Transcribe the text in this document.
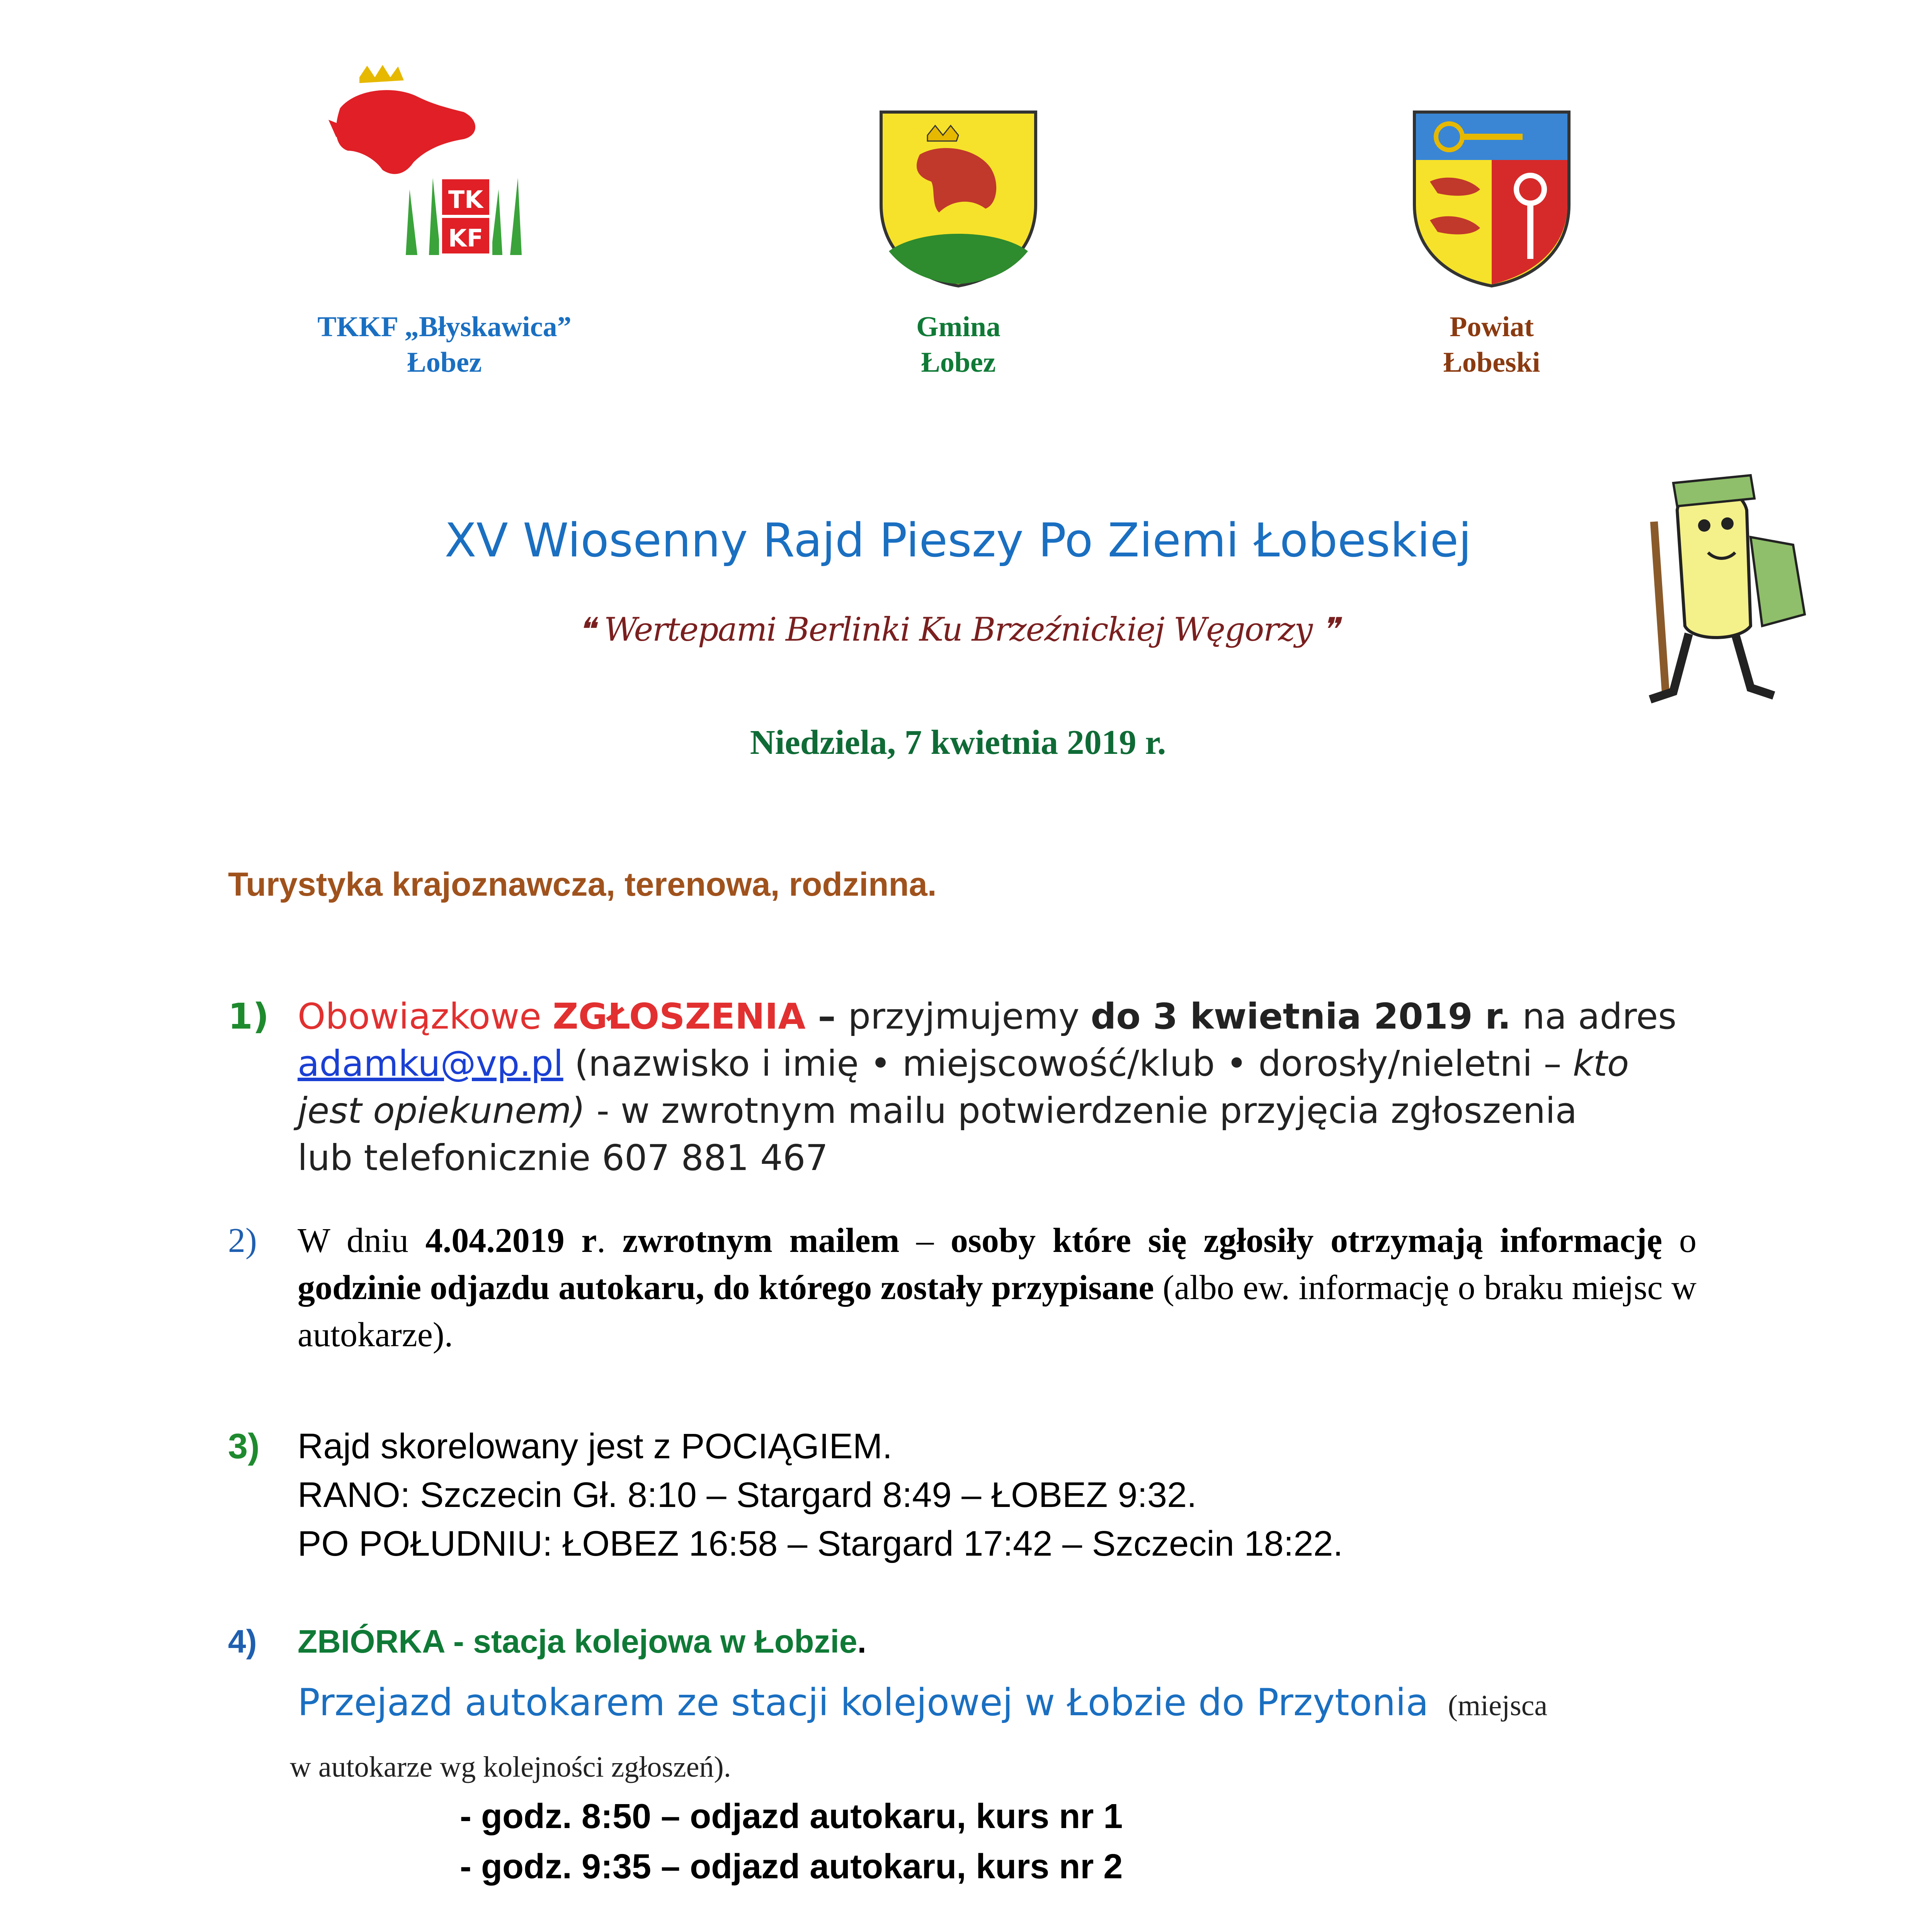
TK
KF
TKKF „Błyskawica”
Łobez
Gmina
Łobez
Powiat
Łobeski
XV Wiosenny Rajd Pieszy Po Ziemi Łobeskiej
❝ Wertepami Berlinki Ku Brzeźnickiej Węgorzy ❞
Niedziela, 7 kwietnia 2019 r.
Turystyka krajoznawcza, terenowa, rodzinna.
1) Obowiązkowe ZGŁOSZENIA – przyjmujemy do 3 kwietnia 2019 r. na adres
adamku@vp.pl (nazwisko i imię • miejscowość/klub • dorosły/nieletni – kto jest opiekunem) - w zwrotnym mailu potwierdzenie przyjęcia zgłoszenia
lub telefonicznie 607 881 467
2) W dniu 4.04.2019 r. zwrotnym mailem – osoby które się zgłosiły otrzymają informację o godzinie odjazdu autokaru, do którego zostały przypisane (albo ew. informację o braku miejsc w autokarze).
3) Rajd skorelowany jest z POCIĄGIEM.
RANO: Szczecin Gł. 8:10 – Stargard 8:49 – ŁOBEZ 9:32.
PO POŁUDNIU: ŁOBEZ 16:58 – Stargard 17:42 – Szczecin 18:22.
4) ZBIÓRKA - stacja kolejowa w Łobzie.
Przejazd autokarem ze stacji kolejowej w Łobzie do Przytonia (miejsca
w autokarze wg kolejności zgłoszeń).
- godz. 8:50 – odjazd autokaru, kurs nr 1
- godz. 9:35 – odjazd autokaru, kurs nr 2
